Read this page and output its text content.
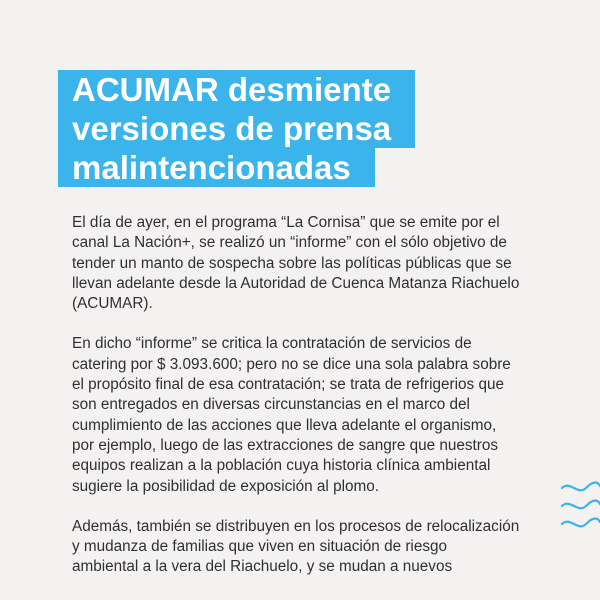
ACUMAR desmiente
versiones de prensa
malintencionadas

El día de ayer, en el programa “La Cornisa” que se emite por el
canal La Nación+, se realizó un “informe” con el sólo objetivo de
tender un manto de sospecha sobre las políticas públicas que se
llevan adelante desde la Autoridad de Cuenca Matanza Riachuelo
(ACUMAR).

En dicho “informe” se critica la contratación de servicios de
catering por $ 3.093.600; pero no se dice una sola palabra sobre
el propósito final de esa contratación; se trata de refrigerios que
son entregados en diversas circunstancias en el marco del
cumplimiento de las acciones que lleva adelante el organismo,
por ejemplo, luego de las extracciones de sangre que nuestros
equipos realizan a la población cuya historia clínica ambiental
sugiere la posibilidad de exposición al plomo.

Además, también se distribuyen en los procesos de relocalización
y mudanza de familias que viven en situación de riesgo
ambiental a la vera del Riachuelo, y se mudan a nuevos
